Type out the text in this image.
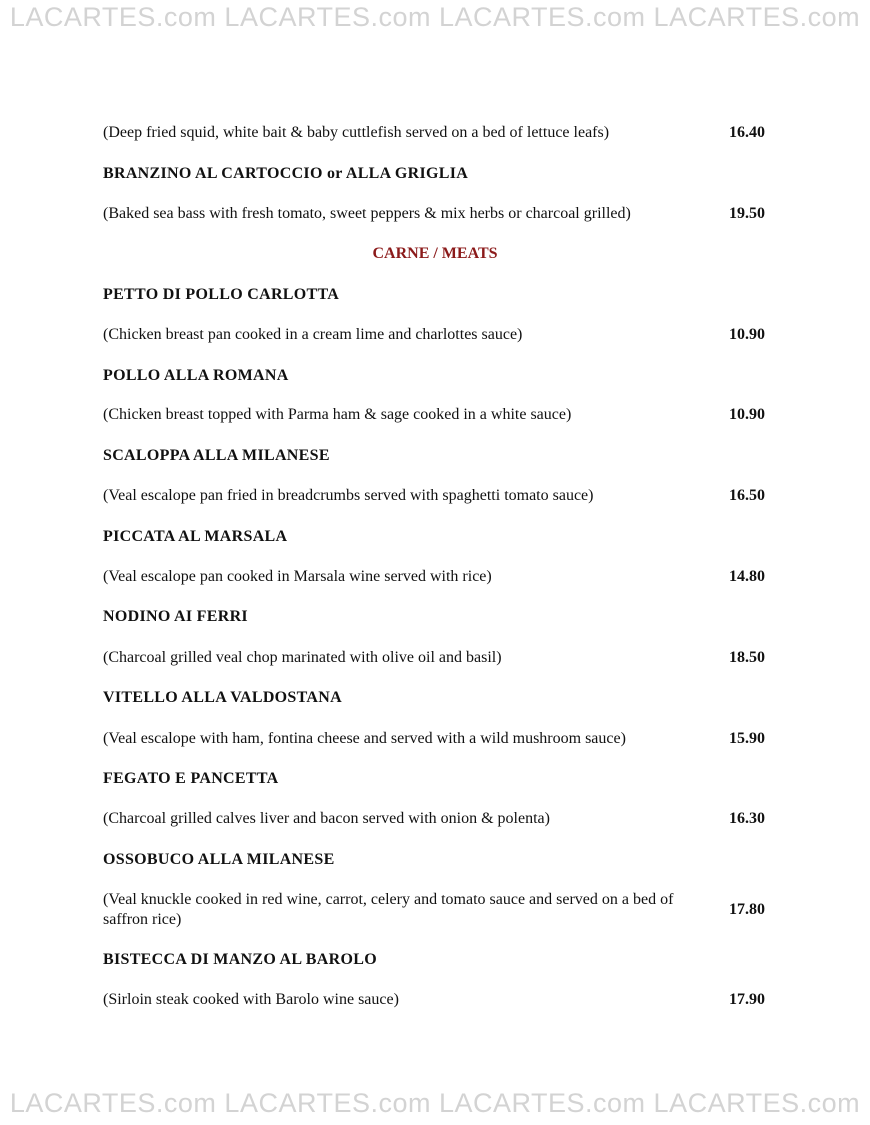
LACARTES.com LACARTES.com LACARTES.com LACARTES.com
(Deep fried squid, white bait & baby cuttlefish served on a bed of lettuce leafs)	16.40
BRANZINO AL CARTOCCIO or ALLA GRIGLIA
(Baked sea bass with fresh tomato, sweet peppers & mix herbs or charcoal grilled)	19.50
CARNE / MEATS
PETTO DI POLLO CARLOTTA
(Chicken breast pan cooked in a cream lime and charlottes sauce)	10.90
POLLO ALLA ROMANA
(Chicken breast topped with Parma ham & sage cooked in a white sauce)	10.90
SCALOPPA ALLA MILANESE
(Veal escalope pan fried in breadcrumbs served with spaghetti tomato sauce)	16.50
PICCATA AL MARSALA
(Veal escalope pan cooked in Marsala wine served with rice)	14.80
NODINO AI FERRI
(Charcoal grilled veal chop marinated with olive oil and basil)	18.50
VITELLO ALLA VALDOSTANA
(Veal escalope with ham, fontina cheese and served with a wild mushroom sauce)	15.90
FEGATO E PANCETTA
(Charcoal grilled calves liver and bacon served with onion & polenta)	16.30
OSSOBUCO ALLA MILANESE
(Veal knuckle cooked in red wine, carrot, celery and tomato sauce and served on a bed of saffron rice)
17.80
BISTECCA DI MANZO AL BAROLO
(Sirloin steak cooked with Barolo wine sauce)	17.90
LACARTES.com LACARTES.com LACARTES.com LACARTES.com
